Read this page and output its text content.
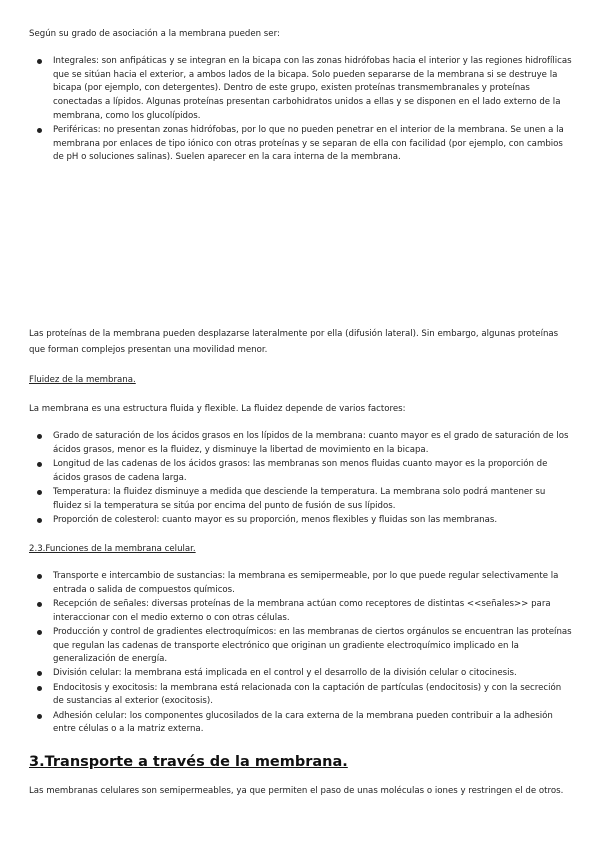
Según su grado de asociación a la membrana pueden ser:

Integrales: son anfipáticas y se integran en la bicapa con las zonas hidrófobas hacia el interior y las regiones hidrofílicas que se sitúan hacia el exterior, a ambos lados de la bicapa. Solo pueden separarse de la membrana si se destruye la bicapa (por ejemplo, con detergentes). Dentro de este grupo, existen proteínas transmembranales y proteínas conectadas a lípidos. Algunas proteínas presentan carbohidratos unidos a ellas y se disponen en el lado externo de la membrana, como los glucolípidos.
Periféricas: no presentan zonas hidrófobas, por lo que no pueden penetrar en el interior de la membrana. Se unen a la membrana por enlaces de tipo iónico con otras proteínas y se separan de ella con facilidad (por ejemplo, con cambios de pH o soluciones salinas). Suelen aparecer en la cara interna de la membrana.

Las proteínas de la membrana pueden desplazarse lateralmente por ella (difusión lateral). Sin embargo, algunas proteínas que forman complejos presentan una movilidad menor.

Fluidez de la membrana.

La membrana es una estructura fluida y flexible. La fluidez depende de varios factores:

Grado de saturación de los ácidos grasos en los lípidos de la membrana: cuanto mayor es el grado de saturación de los ácidos grasos, menor es la fluidez, y disminuye la libertad de movimiento en la bicapa.
Longitud de las cadenas de los ácidos grasos: las membranas son menos fluidas cuanto mayor es la proporción de ácidos grasos de cadena larga.
Temperatura: la fluidez disminuye a medida que desciende la temperatura. La membrana solo podrá mantener su fluidez si la temperatura se sitúa por encima del punto de fusión de sus lípidos.
Proporción de colesterol: cuanto mayor es su proporción, menos flexibles y fluidas son las membranas.

2.3.Funciones de la membrana celular.

Transporte e intercambio de sustancias: la membrana es semipermeable, por lo que puede regular selectivamente la entrada o salida de compuestos químicos.
Recepción de señales: diversas proteínas de la membrana actúan como receptores de distintas <<señales>> para interaccionar con el medio externo o con otras células.
Producción y control de gradientes electroquímicos: en las membranas de ciertos orgánulos se encuentran las proteínas que regulan las cadenas de transporte electrónico que originan un gradiente electroquímico implicado en la generalización de energía.
División celular: la membrana está implicada en el control y el desarrollo de la división celular o citocinesis.
Endocitosis y exocitosis: la membrana está relacionada con la captación de partículas (endocitosis) y con la secreción de sustancias al exterior (exocitosis).
Adhesión celular: los componentes glucosilados de la cara externa de la membrana pueden contribuir a la adhesión entre células o a la matriz externa.
3.Transporte a través de la membrana.

Las membranas celulares son semipermeables, ya que permiten el paso de unas moléculas o iones y restringen el de otros.
